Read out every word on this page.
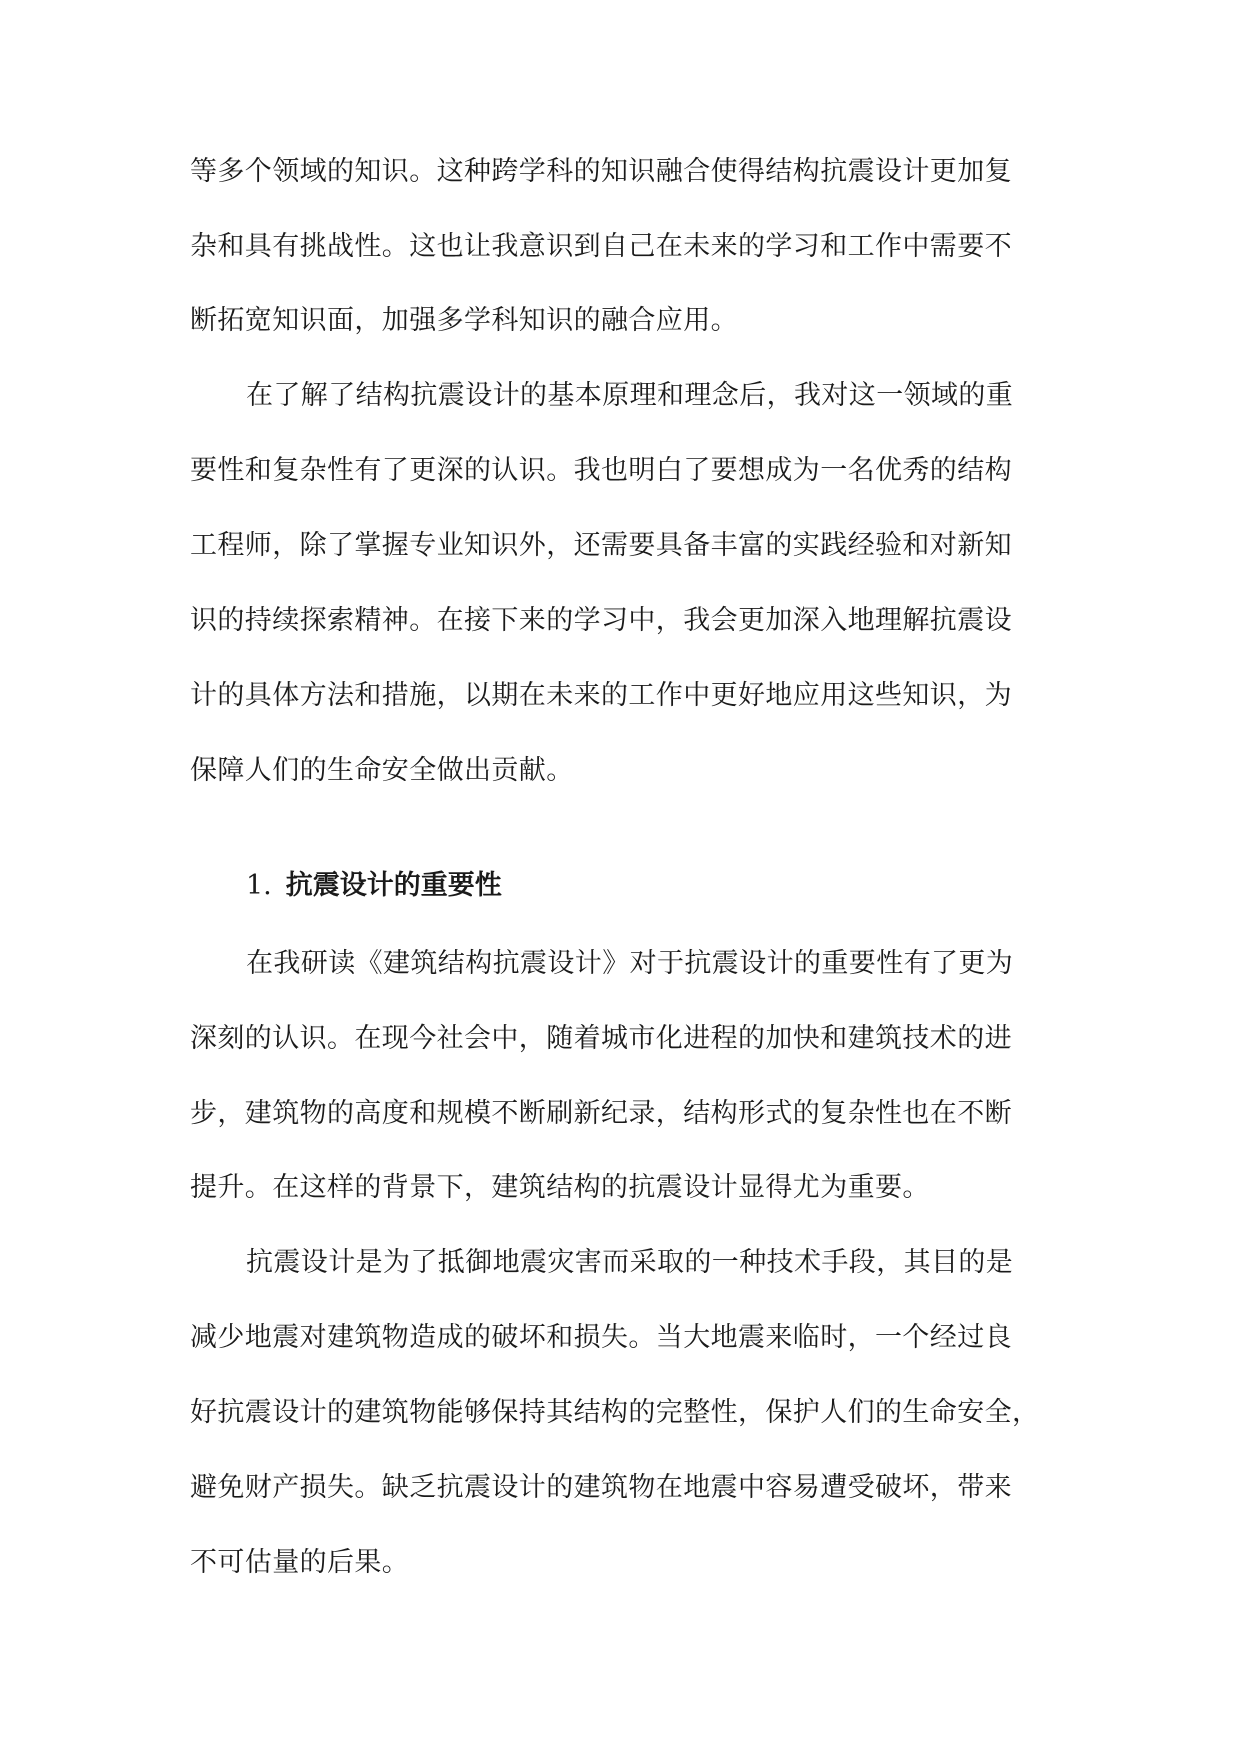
等多个领域的知识。这种跨学科的知识融合使得结构抗震设计更加复
杂和具有挑战性。这也让我意识到自己在未来的学习和工作中需要不
断拓宽知识面，加强多学科知识的融合应用。
在了解了结构抗震设计的基本原理和理念后，我对这一领域的重
要性和复杂性有了更深的认识。我也明白了要想成为一名优秀的结构
工程师，除了掌握专业知识外，还需要具备丰富的实践经验和对新知
识的持续探索精神。在接下来的学习中，我会更加深入地理解抗震设
计的具体方法和措施，以期在未来的工作中更好地应用这些知识，为
保障人们的生命安全做出贡献。
1. 抗震设计的重要性
在我研读《建筑结构抗震设计》对于抗震设计的重要性有了更为
深刻的认识。在现今社会中，随着城市化进程的加快和建筑技术的进
步，建筑物的高度和规模不断刷新纪录，结构形式的复杂性也在不断
提升。在这样的背景下，建筑结构的抗震设计显得尤为重要。
抗震设计是为了抵御地震灾害而采取的一种技术手段，其目的是
减少地震对建筑物造成的破坏和损失。当大地震来临时，一个经过良
好抗震设计的建筑物能够保持其结构的完整性，保护人们的生命安全，
避免财产损失。缺乏抗震设计的建筑物在地震中容易遭受破坏，带来
不可估量的后果。
